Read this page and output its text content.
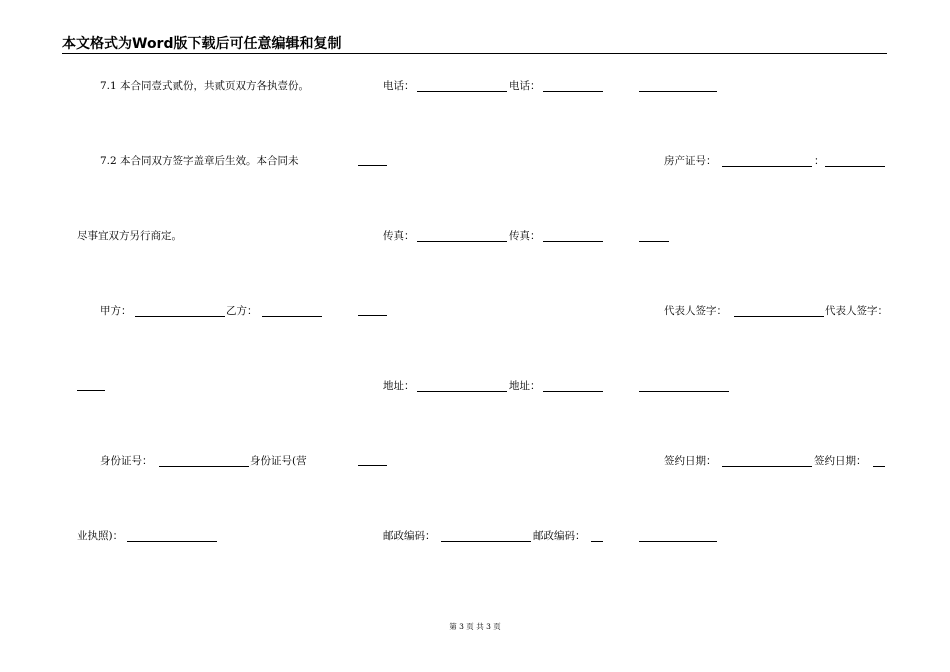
本文格式为Word版下载后可任意编辑和复制
7.1 本合同壹式贰份，共贰页双方各执壹份。
7.2 本合同双方签字盖章后生效。本合同未
尽事宜双方另行商定。
甲方：	乙方：
身份证号：	身份证号(营
业执照)：
电话：	电话：
传真：	传真：
地址：	地址：
邮政编码：	邮政编码：
房产证号：	：
代表人签字：	代表人签字：
签约日期：	签约日期：
第 3 页 共 3 页
